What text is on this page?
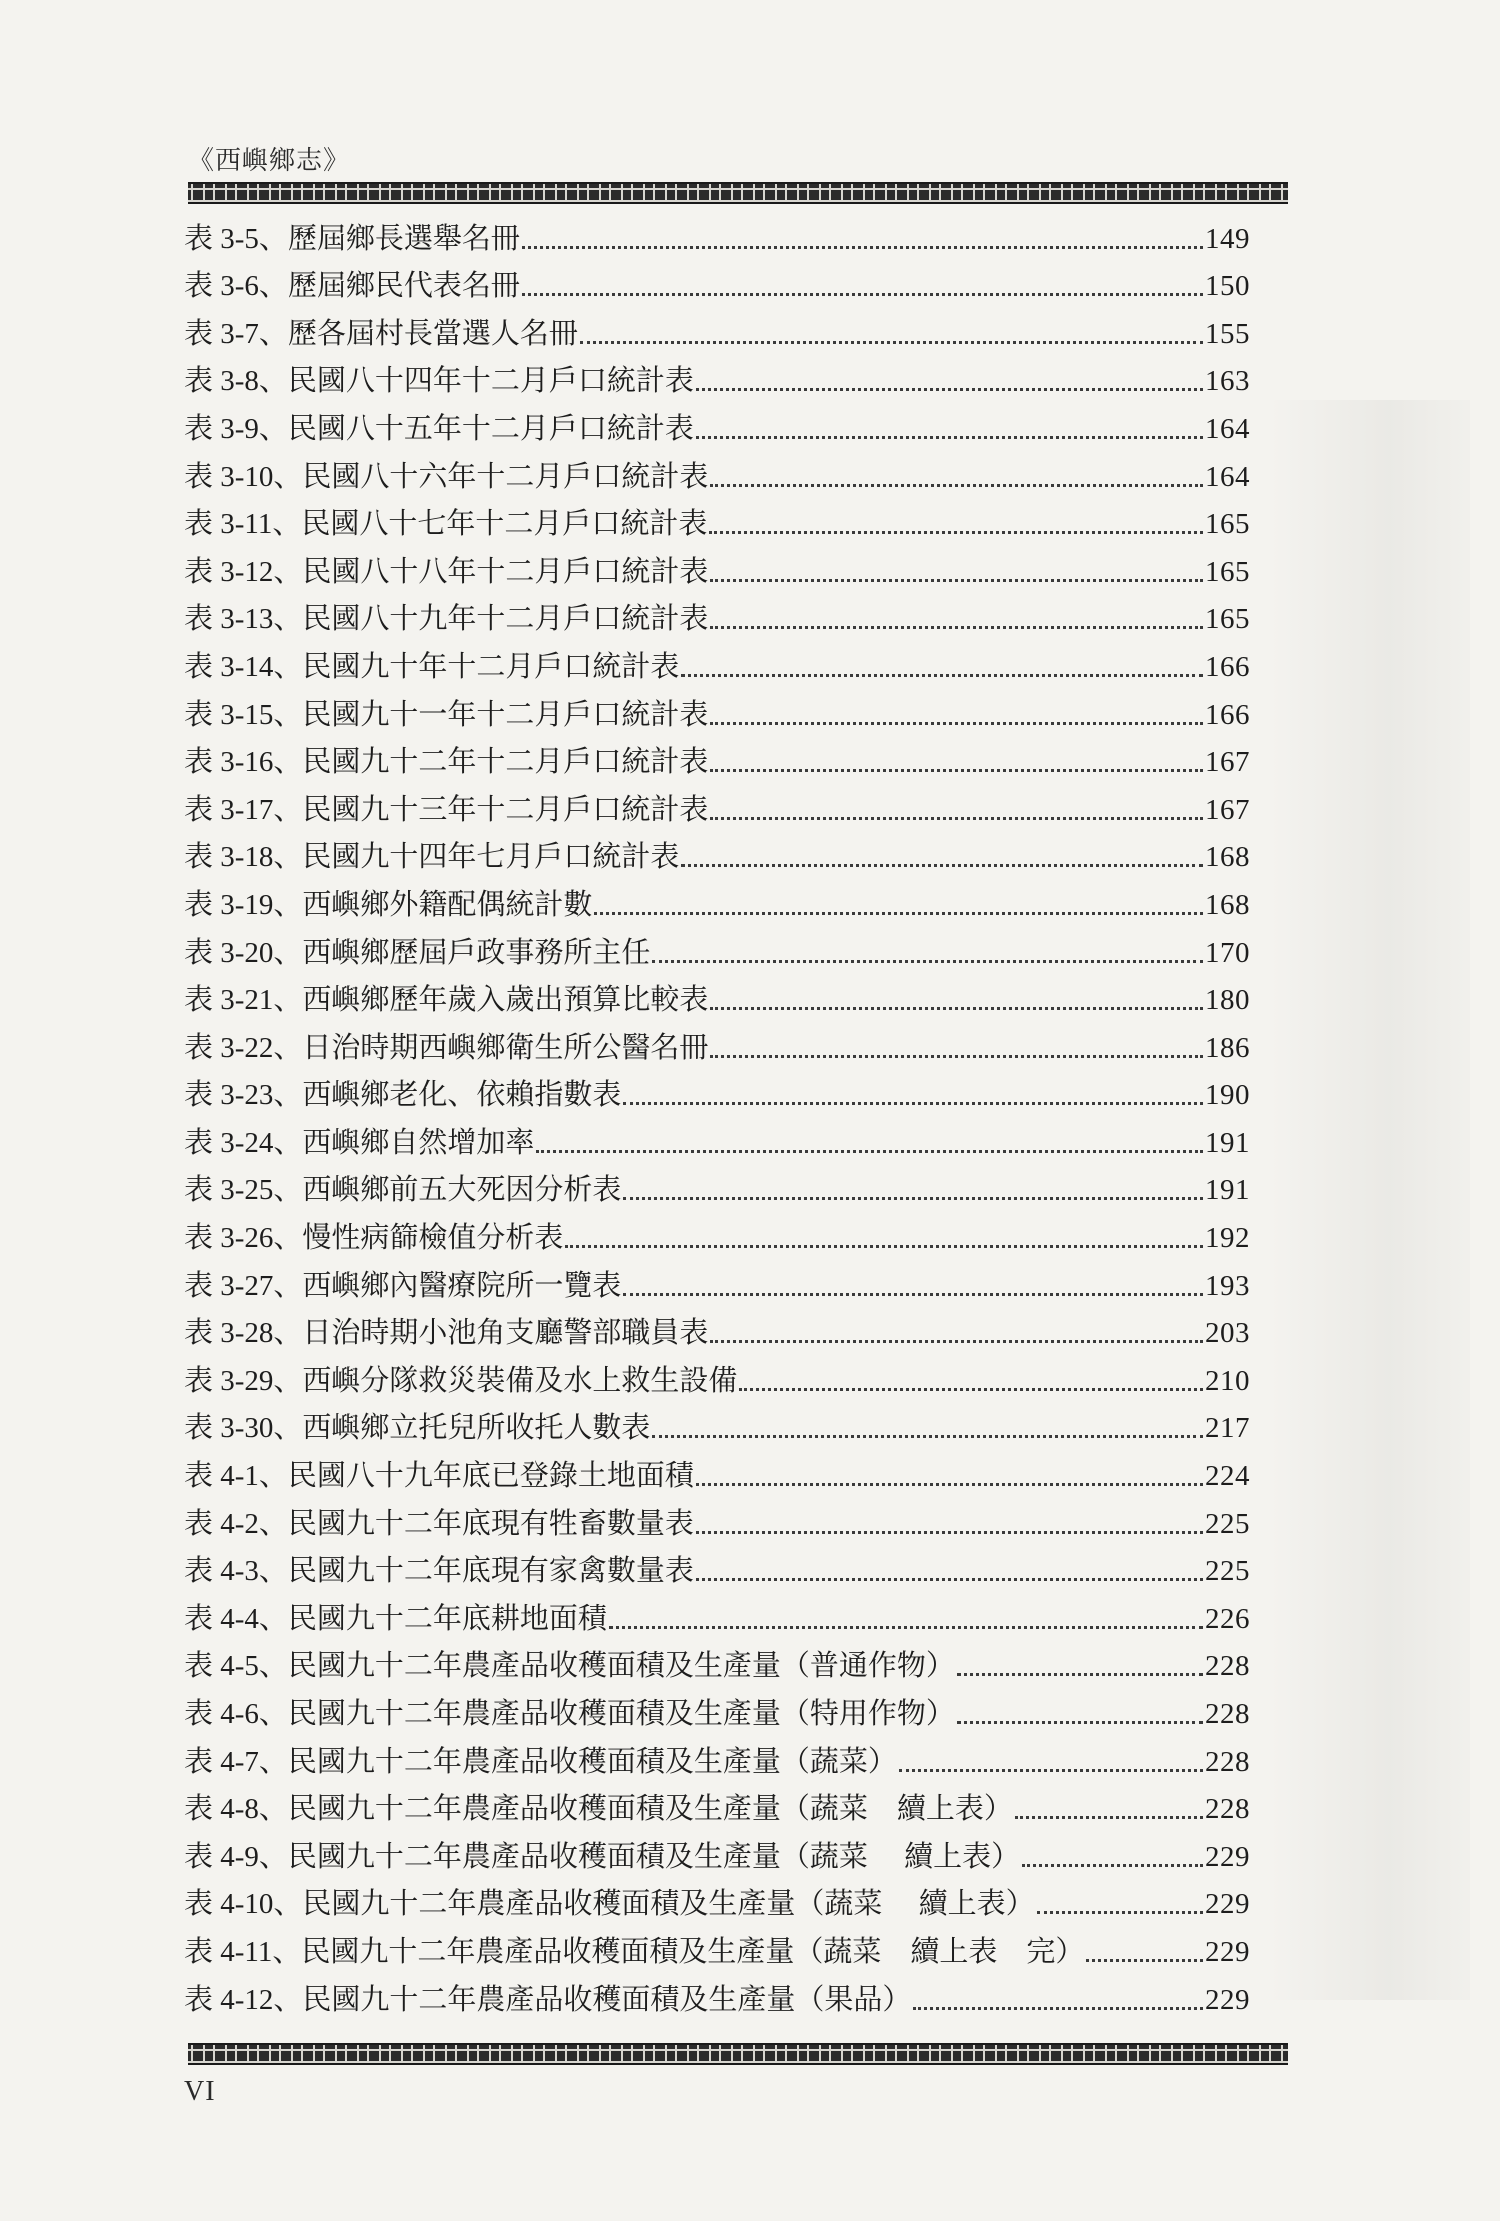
《西嶼鄉志》
表 3-5、歷屆鄉長選舉名冊	149
表 3-6、歷屆鄉民代表名冊	150
表 3-7、歷各屆村長當選人名冊	155
表 3-8、民國八十四年十二月戶口統計表	163
表 3-9、民國八十五年十二月戶口統計表	164
表 3-10、民國八十六年十二月戶口統計表	164
表 3-11、民國八十七年十二月戶口統計表	165
表 3-12、民國八十八年十二月戶口統計表	165
表 3-13、民國八十九年十二月戶口統計表	165
表 3-14、民國九十年十二月戶口統計表	166
表 3-15、民國九十一年十二月戶口統計表	166
表 3-16、民國九十二年十二月戶口統計表	167
表 3-17、民國九十三年十二月戶口統計表	167
表 3-18、民國九十四年七月戶口統計表	168
表 3-19、西嶼鄉外籍配偶統計數	168
表 3-20、西嶼鄉歷屆戶政事務所主任	170
表 3-21、西嶼鄉歷年歲入歲出預算比較表	180
表 3-22、日治時期西嶼鄉衛生所公醫名冊	186
表 3-23、西嶼鄉老化、依賴指數表	190
表 3-24、西嶼鄉自然增加率	191
表 3-25、西嶼鄉前五大死因分析表	191
表 3-26、慢性病篩檢值分析表	192
表 3-27、西嶼鄉內醫療院所一覽表	193
表 3-28、日治時期小池角支廳警部職員表	203
表 3-29、西嶼分隊救災裝備及水上救生設備	210
表 3-30、西嶼鄉立托兒所收托人數表	217
表 4-1、民國八十九年底已登錄土地面積	224
表 4-2、民國九十二年底現有牲畜數量表	225
表 4-3、民國九十二年底現有家禽數量表	225
表 4-4、民國九十二年底耕地面積	226
表 4-5、民國九十二年農產品收穫面積及生產量（普通作物）	228
表 4-6、民國九十二年農產品收穫面積及生產量（特用作物）	228
表 4-7、民國九十二年農產品收穫面積及生產量（蔬菜）	228
表 4-8、民國九十二年農產品收穫面積及生產量（蔬菜　續上表）	228
表 4-9、民國九十二年農產品收穫面積及生產量（蔬菜　 續上表）	229
表 4-10、民國九十二年農產品收穫面積及生產量（蔬菜　 續上表）	229
表 4-11、民國九十二年農產品收穫面積及生產量（蔬菜　續上表　完）	229
表 4-12、民國九十二年農產品收穫面積及生產量（果品）	229
VI
